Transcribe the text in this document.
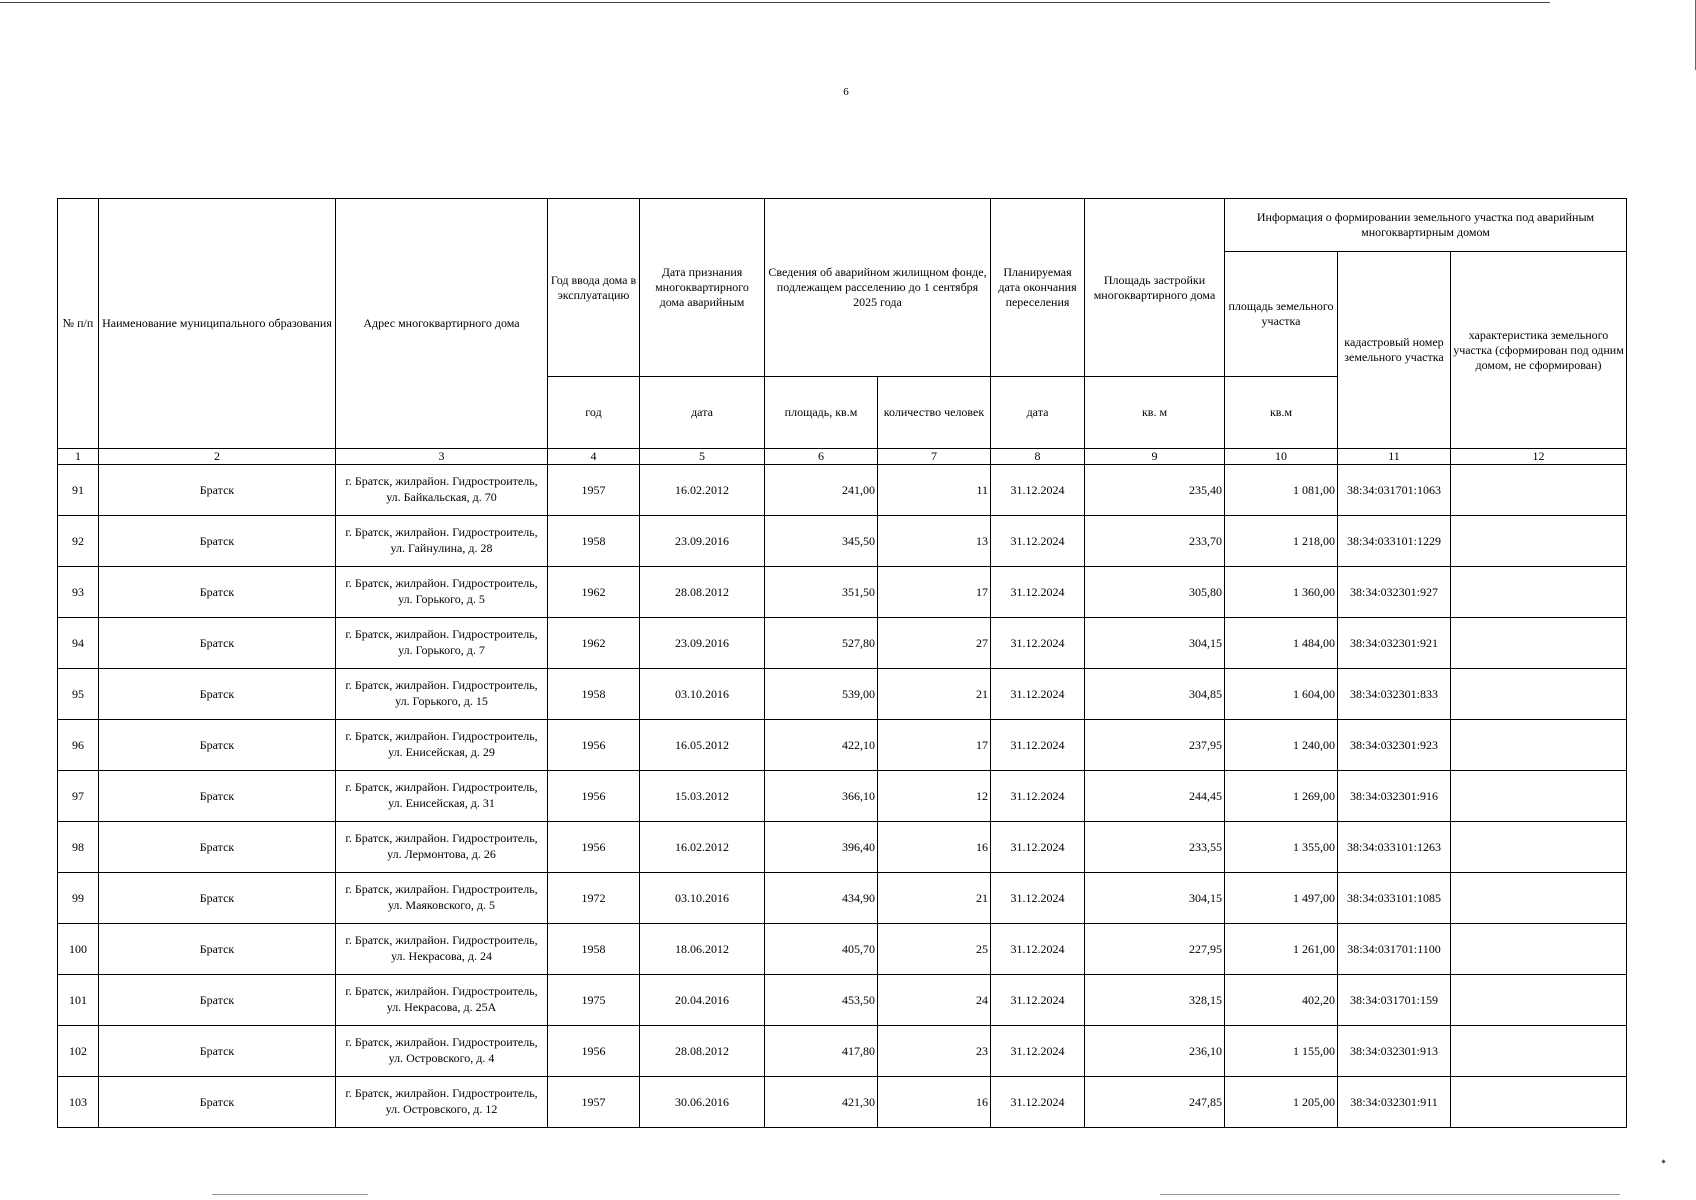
6
№ п/п	Наименование муниципального образования	Адрес многоквартирного дома	Год ввода дома в эксплуатацию	Дата признания многоквартирного дома аварийным	Сведения об аварийном жилищном фонде, подлежащем расселению до 1 сентября 2025 года		Планируемая дата окончания переселения	Площадь застройки многоквартирного дома	Информация о формировании земельного участка под аварийным многоквартирным домом		
									площадь земельного участка	кадастровый номер земельного участка	характеристика земельного участка (сформирован под одним домом, не сформирован)
			год	дата	площадь, кв.м	количество человек	дата	кв. м	кв.м		
1	2	3	4	5	6	7	8	9	10	11	12
91	Братск	г. Братск, жилрайон. Гидростроитель, ул. Байкальская, д. 70	1957	16.02.2012	241,00	11	31.12.2024	235,40	1 081,00	38:34:031701:1063	
92	Братск	г. Братск, жилрайон. Гидростроитель, ул. Гайнулина, д. 28	1958	23.09.2016	345,50	13	31.12.2024	233,70	1 218,00	38:34:033101:1229	
93	Братск	г. Братск, жилрайон. Гидростроитель, ул. Горького, д. 5	1962	28.08.2012	351,50	17	31.12.2024	305,80	1 360,00	38:34:032301:927	
94	Братск	г. Братск, жилрайон. Гидростроитель, ул. Горького, д. 7	1962	23.09.2016	527,80	27	31.12.2024	304,15	1 484,00	38:34:032301:921	
95	Братск	г. Братск, жилрайон. Гидростроитель, ул. Горького, д. 15	1958	03.10.2016	539,00	21	31.12.2024	304,85	1 604,00	38:34:032301:833	
96	Братск	г. Братск, жилрайон. Гидростроитель, ул. Енисейская, д. 29	1956	16.05.2012	422,10	17	31.12.2024	237,95	1 240,00	38:34:032301:923	
97	Братск	г. Братск, жилрайон. Гидростроитель, ул. Енисейская, д. 31	1956	15.03.2012	366,10	12	31.12.2024	244,45	1 269,00	38:34:032301:916	
98	Братск	г. Братск, жилрайон. Гидростроитель, ул. Лермонтова, д. 26	1956	16.02.2012	396,40	16	31.12.2024	233,55	1 355,00	38:34:033101:1263	
99	Братск	г. Братск, жилрайон. Гидростроитель, ул. Маяковского, д. 5	1972	03.10.2016	434,90	21	31.12.2024	304,15	1 497,00	38:34:033101:1085	
100	Братск	г. Братск, жилрайон. Гидростроитель, ул. Некрасова, д. 24	1958	18.06.2012	405,70	25	31.12.2024	227,95	1 261,00	38:34:031701:1100	
101	Братск	г. Братск, жилрайон. Гидростроитель, ул. Некрасова, д. 25А	1975	20.04.2016	453,50	24	31.12.2024	328,15	402,20	38:34:031701:159	
102	Братск	г. Братск, жилрайон. Гидростроитель, ул. Островского, д. 4	1956	28.08.2012	417,80	23	31.12.2024	236,10	1 155,00	38:34:032301:913	
103	Братск	г. Братск, жилрайон. Гидростроитель, ул. Островского, д. 12	1957	30.06.2016	421,30	16	31.12.2024	247,85	1 205,00	38:34:032301:911	
